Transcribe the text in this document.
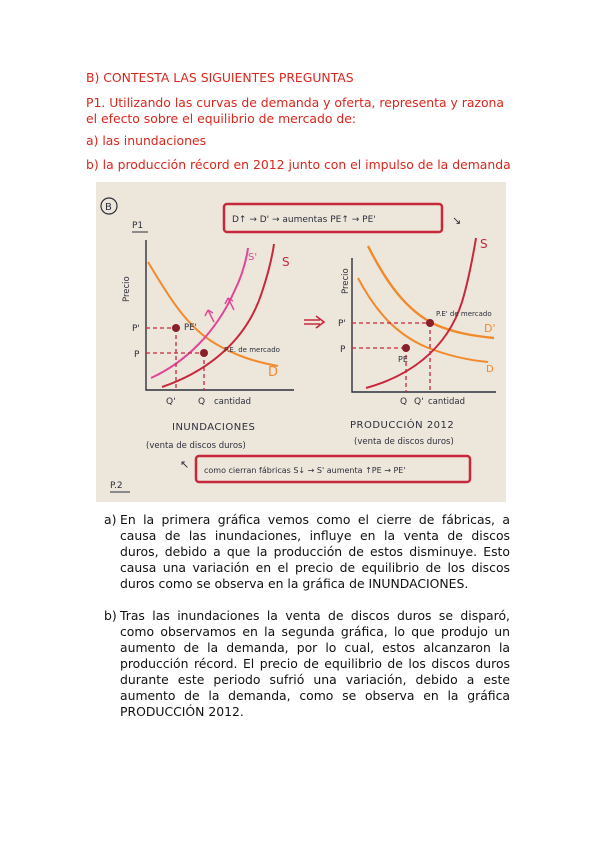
B) CONTESTA LAS SIGUIENTES PREGUNTAS

P1. Utilizando las curvas de demanda y oferta, representa y razona el efecto sobre el equilibrio de mercado de:

a) las inundaciones

b) la producción récord en 2012 junto con el impulso de la demanda

B
D↑ → D' → aumentas PE↑ → PE'	↘
P1
Precio
D
S
S'
PE'
P.E. de mercado
P'
P
Q' Q cantidad
INUNDACIONES
(venta de discos duros)
Precio
D
D'
S
P.E' de mercado
PE
P'
P
Q Q' cantidad
PRODUCCIÓN 2012
(venta de discos duros)
↖ como cierran fábricas S↓ → S' aumenta ↑PE → PE'
P.2
a) En la primera gráfica vemos como el cierre de fábricas, a causa de las inundaciones, influye en la venta de discos duros, debido a que la producción de estos disminuye. Esto causa una variación en el precio de equilibrio de los discos duros como se observa en la gráfica de INUNDACIONES.
b) Tras las inundaciones la venta de discos duros se disparó, como observamos en la segunda gráfica, lo que produjo un aumento de la demanda, por lo cual, estos alcanzaron la producción récord. El precio de equilibrio de los discos duros durante este periodo sufrió una variación, debido a este aumento de la demanda, como se observa en la gráfica PRODUCCIÓN 2012.
